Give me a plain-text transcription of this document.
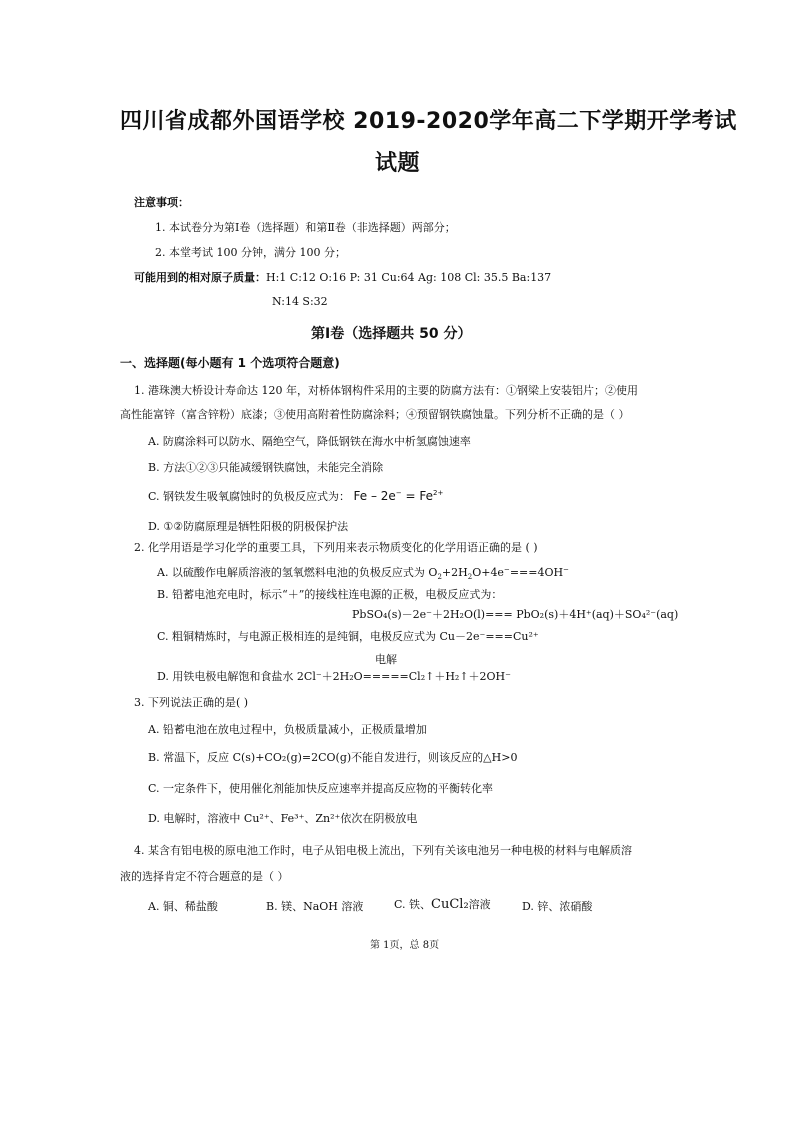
四川省成都外国语学校 2019-2020学年高二下学期开学考试
试题
注意事项：
1. 本试卷分为第Ⅰ卷（选择题）和第Ⅱ卷（非选择题）两部分；
2. 本堂考试 100 分钟，满分 100 分；
可能用到的相对原子质量：H:1 C:12 O:16 P: 31 Cu:64 Ag: 108 Cl: 35.5 Ba:137
N:14 S:32
第Ⅰ卷（选择题共 50 分）
一、选择题(每小题有 1 个选项符合题意)
1. 港珠澳大桥设计寿命达 120 年，对桥体钢构件采用的主要的防腐方法有：①钢梁上安装铝片；②使用
高性能富锌（富含锌粉）底漆；③使用高附着性防腐涂料；④预留钢铁腐蚀量。下列分析不正确的是（ ）
A. 防腐涂料可以防水、隔绝空气，降低钢铁在海水中析氢腐蚀速率
B. 方法①②③只能减缓钢铁腐蚀，未能完全消除
C. 钢铁发生吸氧腐蚀时的负极反应式为： $Fe - 2e^- = Fe^{2+}$
D. ①②防腐原理是牺牲阳极的阴极保护法
2. 化学用语是学习化学的重要工具，下列用来表示物质变化的化学用语正确的是 ( )
A. 以硫酸作电解质溶液的氢氧燃料电池的负极反应式为 $O_2+2H_2O+4e^-===4OH^-$
B. 铅蓄电池充电时，标示“＋”的接线柱连电源的正极，电极反应式为：
PbSO₄(s)－2e⁻＋2H₂O(l)=== PbO₂(s)＋4H⁺(aq)＋SO₄²⁻(aq)
C. 粗铜精炼时，与电源正极相连的是纯铜，电极反应式为 Cu－2e⁻===Cu²⁺
电解
D. 用铁电极电解饱和食盐水 2Cl⁻＋2H₂O=====Cl₂↑＋H₂↑＋2OH⁻
3. 下列说法正确的是( )
A. 铅蓄电池在放电过程中，负极质量减小，正极质量增加
B. 常温下，反应 C(s)+CO₂(g)=2CO(g)不能自发进行，则该反应的△H>0
C. 一定条件下，使用催化剂能加快反应速率并提高反应物的平衡转化率
D. 电解时，溶液中 Cu²⁺、Fe³⁺、Zn²⁺依次在阴极放电
4. 某含有铝电极的原电池工作时，电子从铝电极上流出，下列有关该电池另一种电极的材料与电解质溶
液的选择肯定不符合题意的是（ ）
A. 铜、稀盐酸	B. 镁、NaOH 溶液	C. 铁、CuCl₂溶液	D. 锌、浓硝酸
第 1页，总 8页
